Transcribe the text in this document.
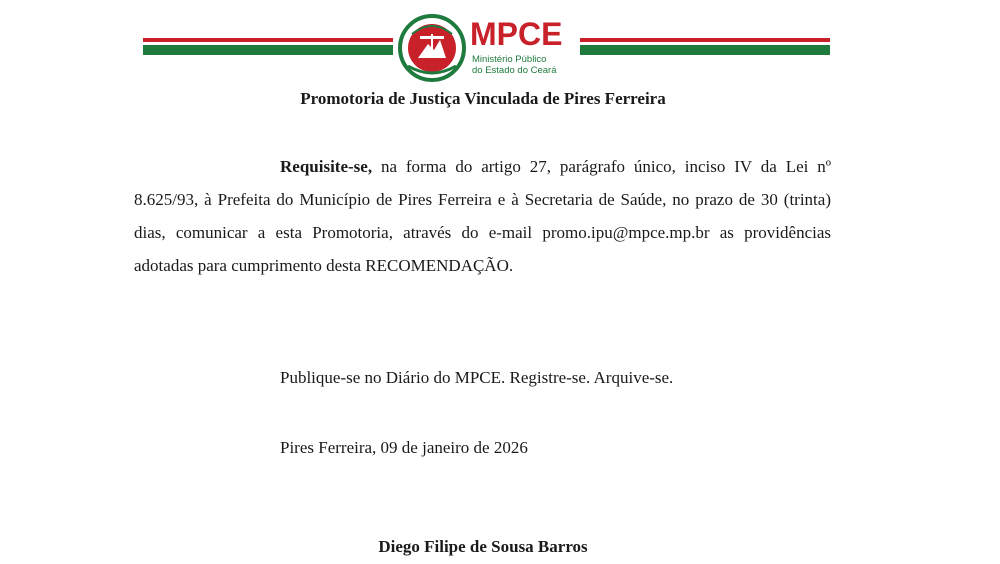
MPCE
Ministério Público
do Estado do Ceará
Promotoria de Justiça Vinculada de Pires Ferreira
Requisite-se, na forma do artigo 27, parágrafo único, inciso IV da Lei nº 8.625/93, à Prefeita do Município de Pires Ferreira e à Secretaria de Saúde, no prazo de 30 (trinta) dias, comunicar a esta Promotoria, através do e-mail promo.ipu@mpce.mp.br as providências adotadas para cumprimento desta RECOMENDAÇÃO.
Publique-se no Diário do MPCE. Registre-se. Arquive-se.
Pires Ferreira, 09 de janeiro de 2026
Diego Filipe de Sousa Barros
